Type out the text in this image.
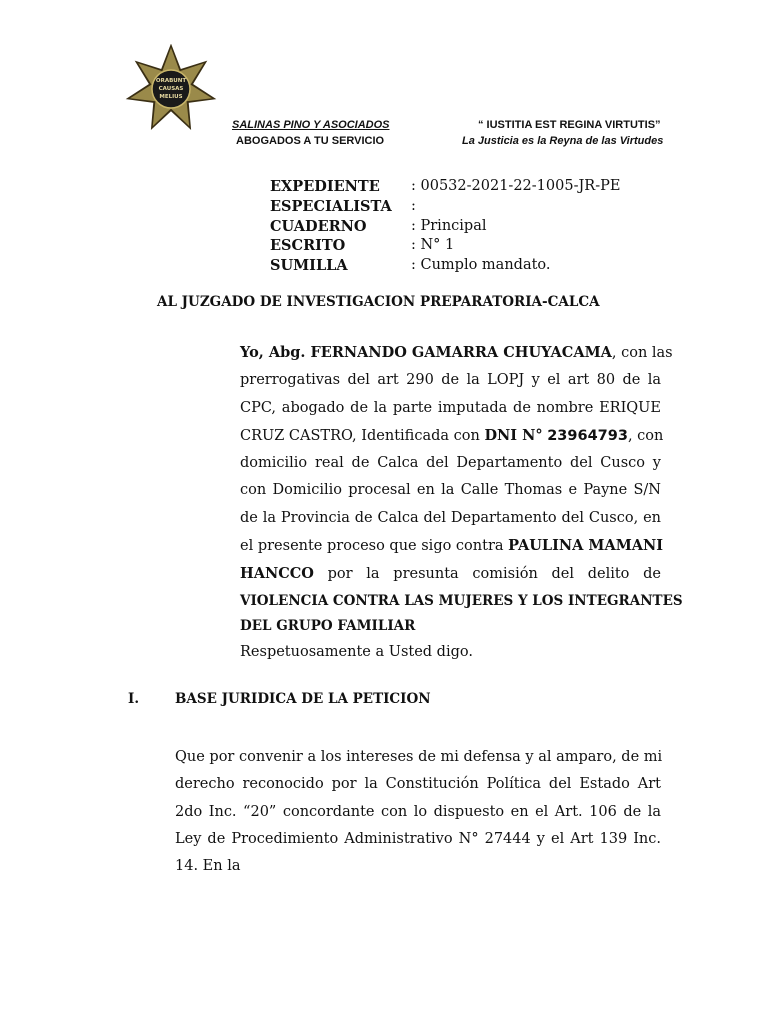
ORABUNT
CAUSAS
MELIUS
SALINAS PINO Y ASOCIADOS
ABOGADOS A TU SERVICIO
“ IUSTITIA EST REGINA VIRTUTIS”
La Justicia es la Reyna de las Virtudes
EXPEDIENTE	: 00532-2021-22-1005-JR-PE
ESPECIALISTA	:
CUADERNO	: Principal
ESCRITO	: N° 1
SUMILLA	: Cumplo mandato.
AL JUZGADO DE INVESTIGACION PREPARATORIA-CALCA
Yo, Abg. FERNANDO GAMARRA CHUYACAMA, con las
prerrogativas del art 290 de la LOPJ y el art 80 de la
CPC, abogado de la parte imputada de nombre ERIQUE
CRUZ CASTRO, Identificada con DNI N° 23964793, con
domicilio real de Calca del Departamento del Cusco y
con Domicilio procesal en la Calle Thomas e Payne S/N
de la Provincia de Calca del Departamento del Cusco, en
el presente proceso que sigo contra PAULINA MAMANI
HANCCO por la presunta comisión del delito de
VIOLENCIA CONTRA LAS MUJERES Y LOS INTEGRANTES
DEL GRUPO FAMILIAR
Respetuosamente a Usted digo.
I.	BASE JURIDICA DE LA PETICION
Que por convenir a los intereses de mi defensa y al amparo, de mi
derecho reconocido por la Constitución Política del Estado Art
2do Inc. “20” concordante con lo dispuesto en el Art. 106 de la
Ley de Procedimiento Administrativo N° 27444 y el Art 139 Inc.
14. En la
